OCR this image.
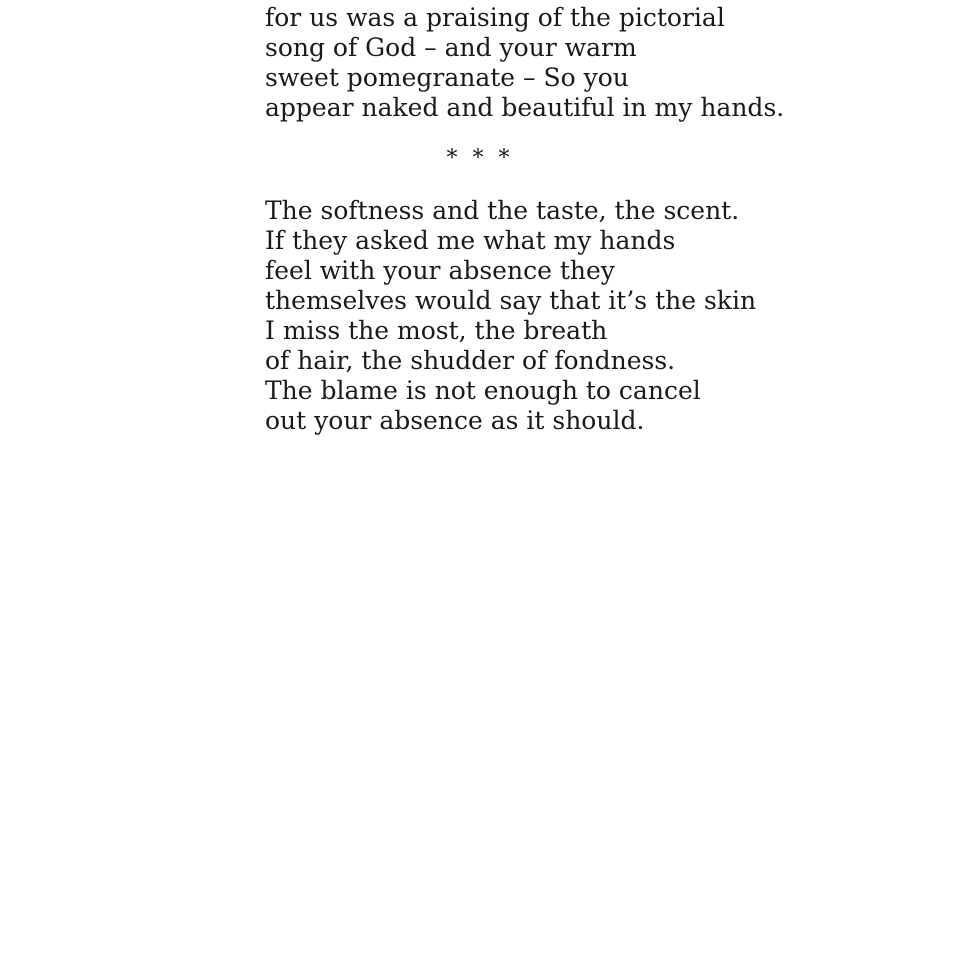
for us was a praising of the pictorial
song of God – and your warm
sweet pomegranate – So you
appear naked and beautiful in my hands.
* * *
The softness and the taste, the scent.
If they asked me what my hands
feel with your absence they
themselves would say that it’s the skin
I miss the most, the breath
of hair, the shudder of fondness.
The blame is not enough to cancel
out your absence as it should.
